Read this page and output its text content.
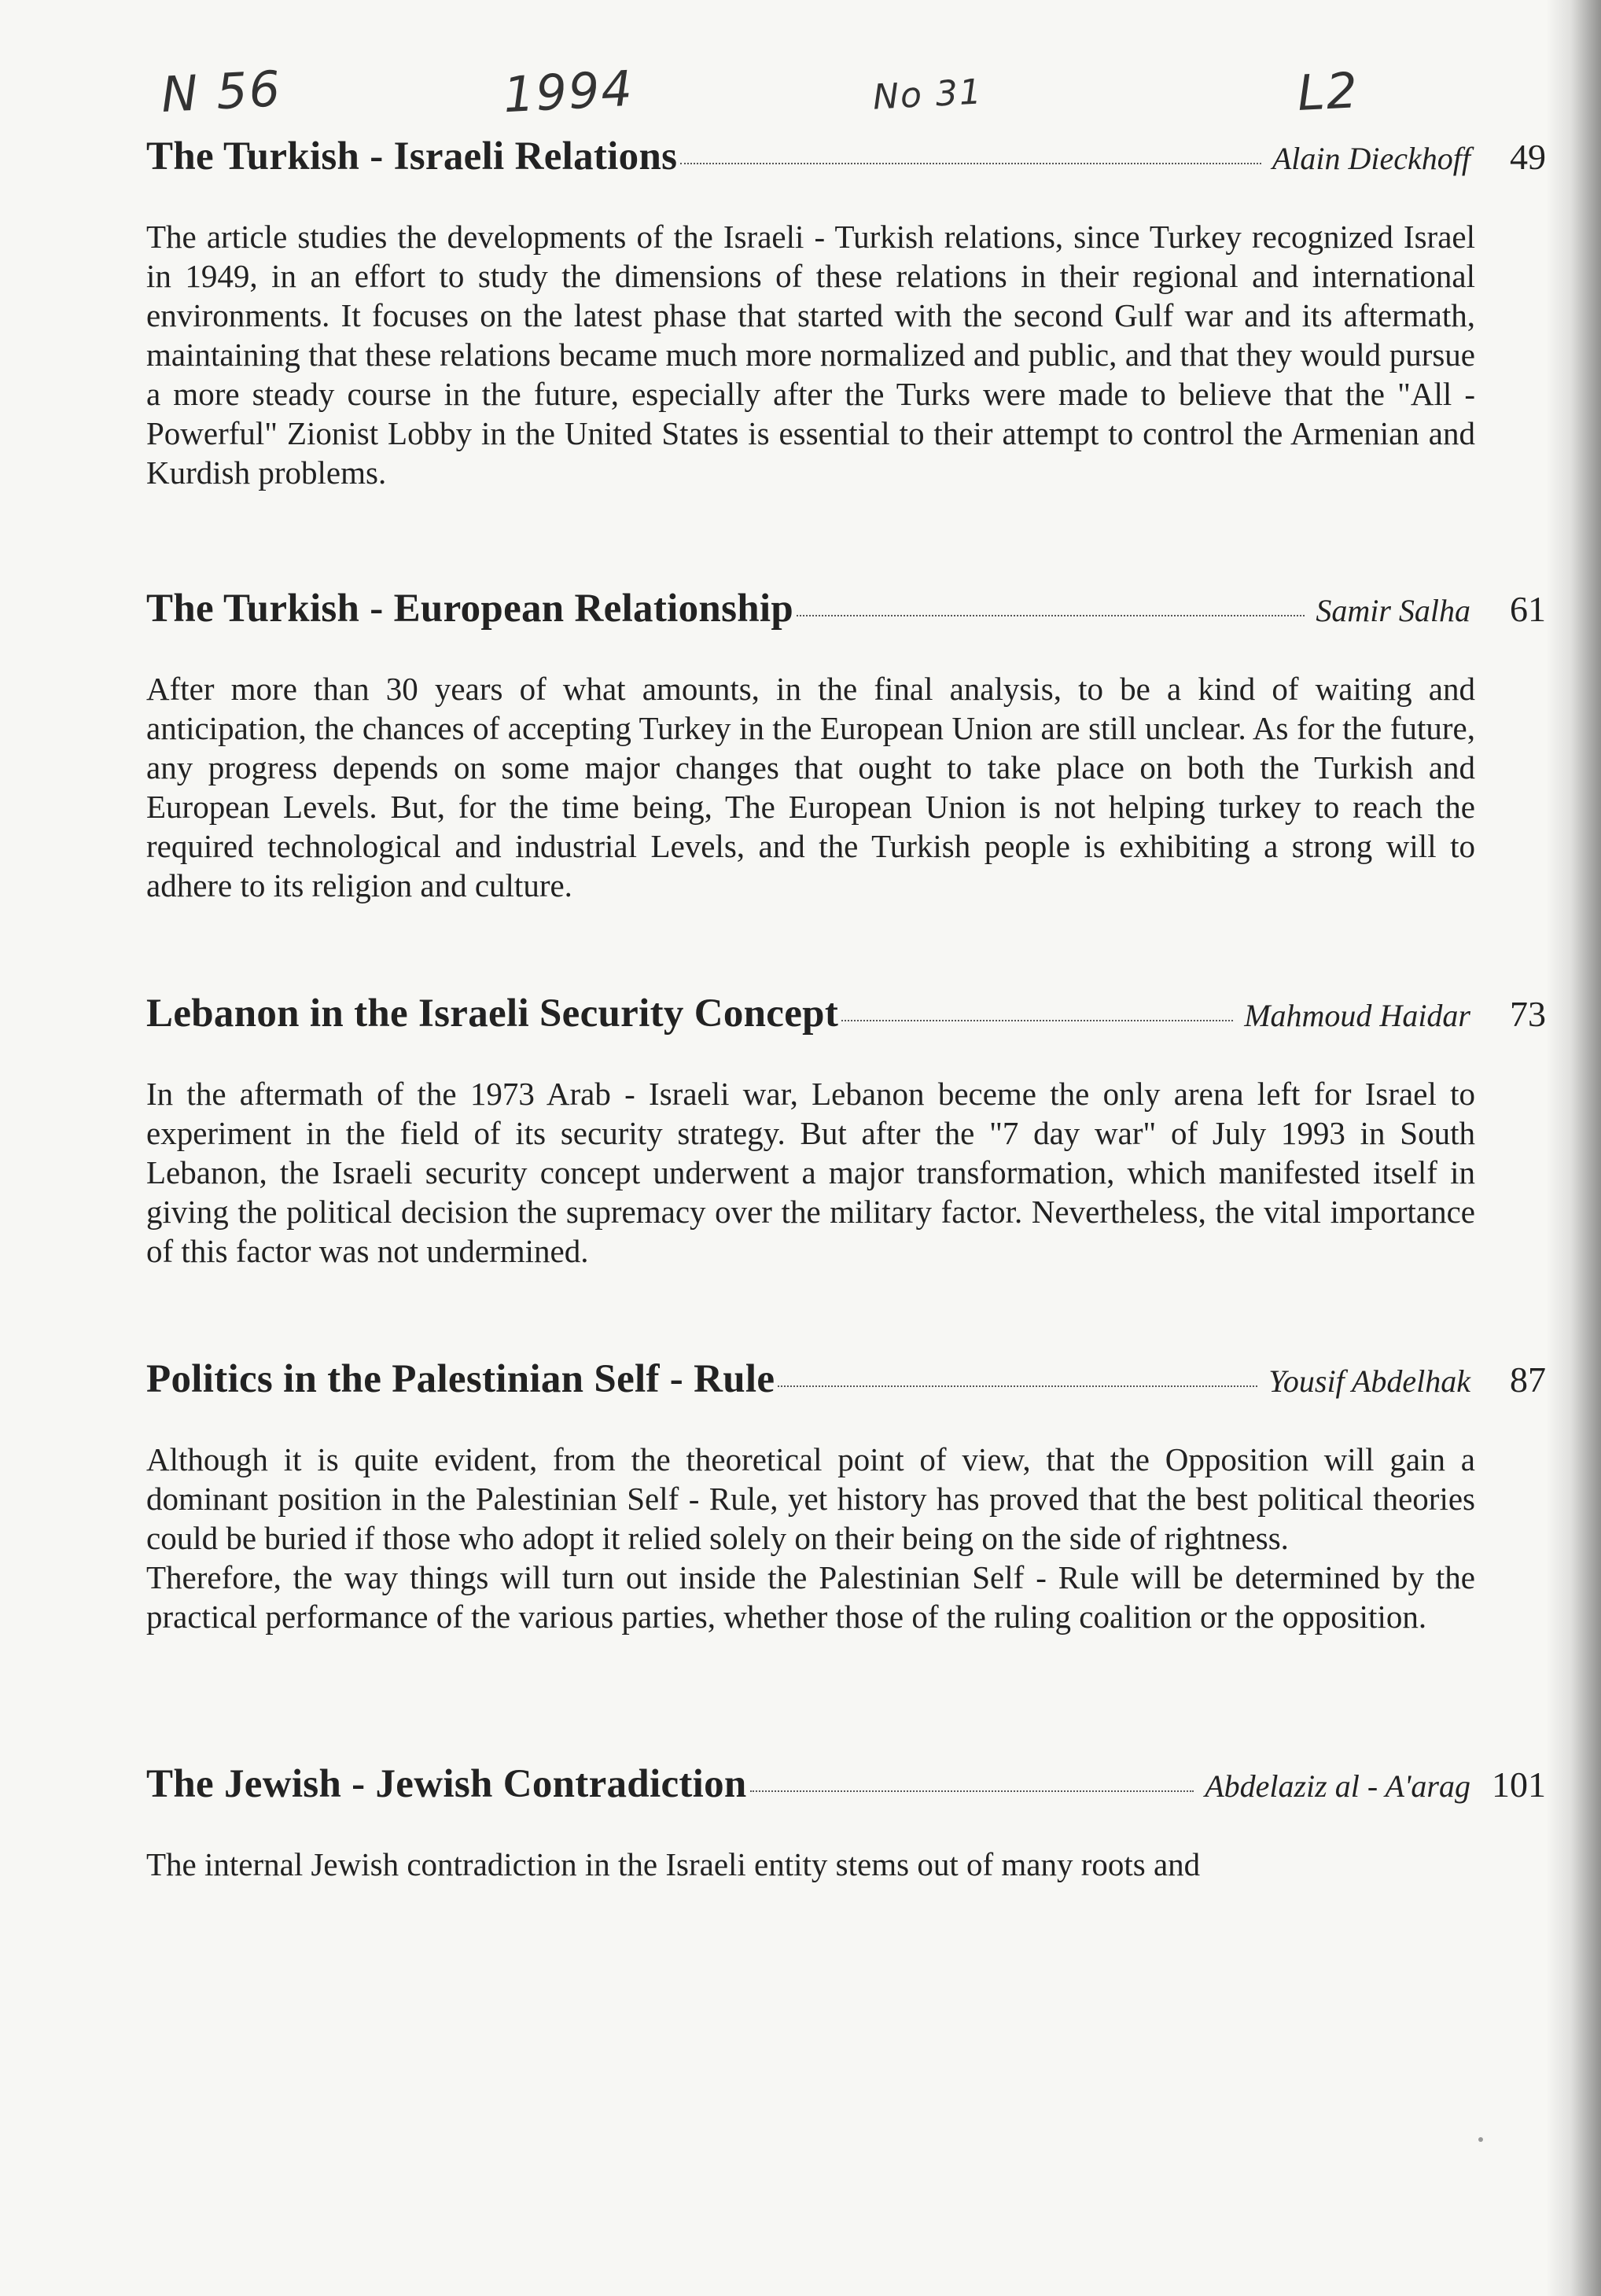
N 56	1994	No 31	L2
The Turkish - Israeli Relations	Alain Dieckhoff	49
The article studies the developments of the Israeli - Turkish relations, since Turkey recognized Israel in 1949, in an effort to study the dimensions of these relations in their regional and international environments. It focuses on the latest phase that started with the second Gulf war and its aftermath, maintaining that these relations became much more normalized and public, and that they would pursue a more steady course in the future, especially after the Turks were made to believe that the "All - Powerful" Zionist Lobby in the United States is essential to their attempt to control the Armenian and Kurdish problems.
The Turkish - European Relationship	Samir Salha	61
After more than 30 years of what amounts, in the final analysis, to be a kind of waiting and anticipation, the chances of accepting Turkey in the European Union are still unclear. As for the future, any progress depends on some major changes that ought to take place on both the Turkish and European Levels. But, for the time being, The European Union is not helping turkey to reach the required technological and industrial Levels, and the Turkish people is exhibiting a strong will to adhere to its religion and culture.
Lebanon in the Israeli Security Concept	Mahmoud Haidar	73
In the aftermath of the 1973 Arab - Israeli war, Lebanon beceme the only arena left for Israel to experiment in the field of its security strategy. But after the "7 day war" of July 1993 in South Lebanon, the Israeli security concept underwent a major transformation, which manifested itself in giving the political decision the supremacy over the military factor. Nevertheless, the vital importance of this factor was not undermined.
Politics in the Palestinian Self - Rule	Yousif Abdelhak	87
Although it is quite evident, from the theoretical point of view, that the Opposition will gain a dominant position in the Palestinian Self - Rule, yet history has proved that the best political theories could be buried if those who adopt it relied solely on their being on the side of rightness.
Therefore, the way things will turn out inside the Palestinian Self - Rule will be determined by the practical performance of the various parties, whether those of the ruling coalition or the opposition.
The Jewish - Jewish Contradiction	Abdelaziz al - A'arag 101
The internal Jewish contradiction in the Israeli entity stems out of many roots and
